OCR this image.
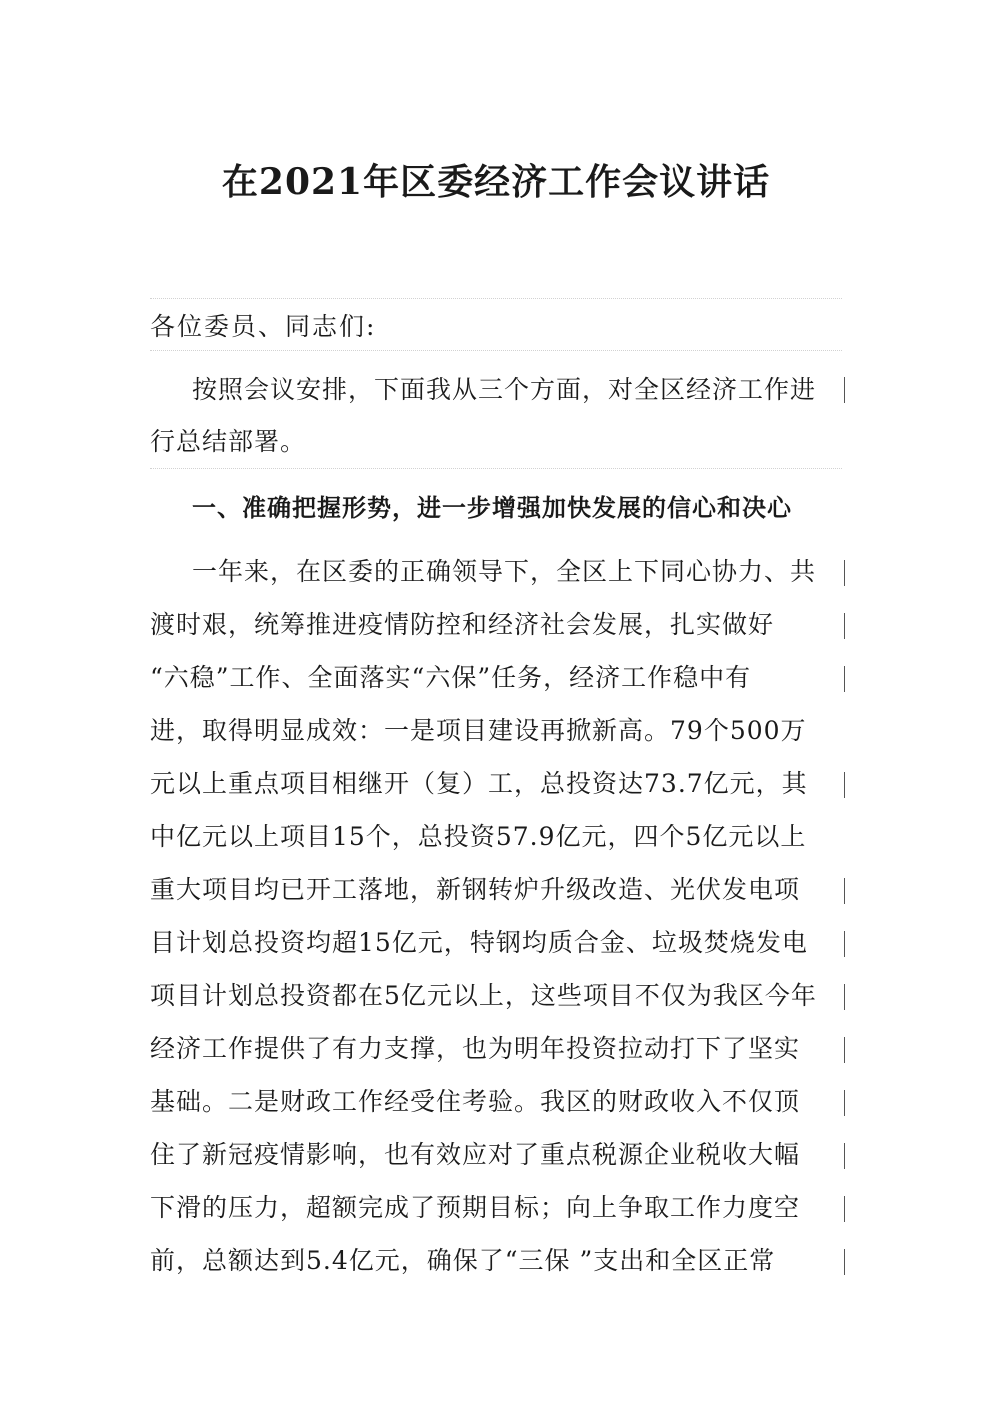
在2021年区委经济工作会议讲话

各位委员、同志们:

按照会议安排，下面我从三个方面，对全区经济工作进

行总结部署。

一、准确把握形势，进一步增强加快发展的信心和决心

一年来，在区委的正确领导下，全区上下同心协力、共

渡时艰，统筹推进疫情防控和经济社会发展，扎实做好

“六稳”工作、全面落实“六保”任务，经济工作稳中有

进，取得明显成效：一是项目建设再掀新高。79个500万

元以上重点项目相继开（复）工，总投资达73.7亿元，其

中亿元以上项目15个，总投资57.9亿元，四个5亿元以上

重大项目均已开工落地，新钢转炉升级改造、光伏发电项

目计划总投资均超15亿元，特钢均质合金、垃圾焚烧发电

项目计划总投资都在5亿元以上，这些项目不仅为我区今年

经济工作提供了有力支撑，也为明年投资拉动打下了坚实

基础。二是财政工作经受住考验。我区的财政收入不仅顶

住了新冠疫情影响，也有效应对了重点税源企业税收大幅

下滑的压力，超额完成了预期目标；向上争取工作力度空

前，总额达到5.4亿元，确保了“三保 ”支出和全区正常
